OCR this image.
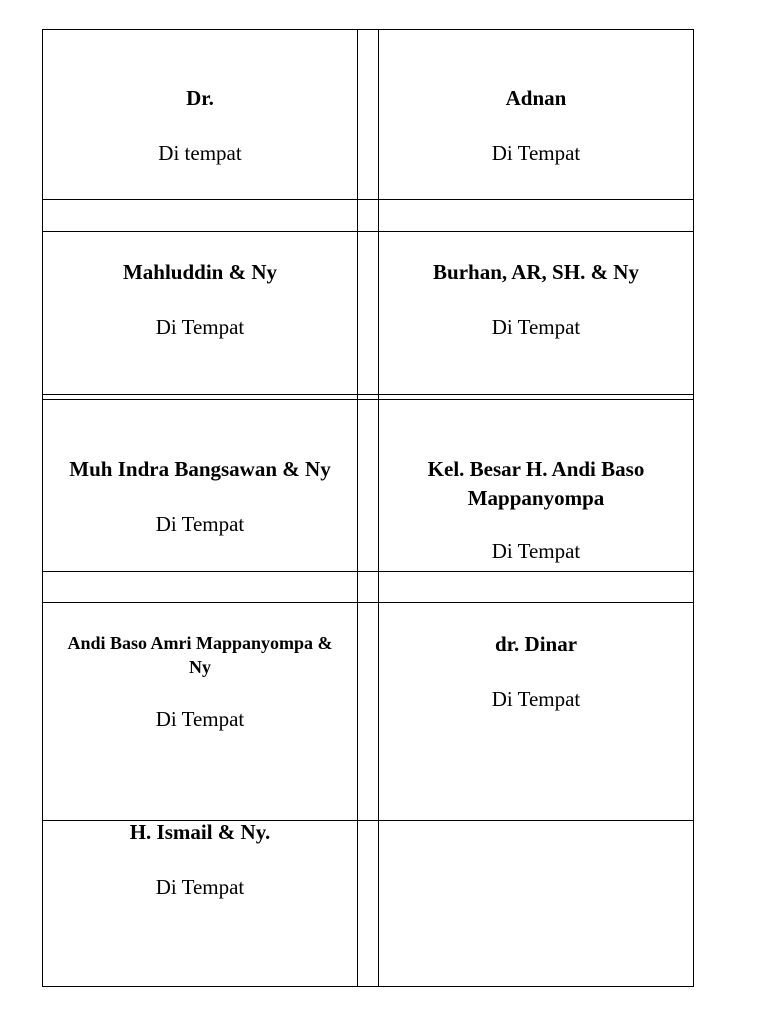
Dr.
Di tempat
Adnan
Di Tempat
Mahluddin & Ny
Di Tempat
Burhan, AR, SH. & Ny
Di Tempat
Muh Indra Bangsawan & Ny
Di Tempat
Kel. Besar H. Andi Baso Mappanyompa
Di Tempat
Andi Baso Amri Mappanyompa & Ny
Di Tempat
dr. Dinar
Di Tempat
H. Ismail & Ny.
Di Tempat
